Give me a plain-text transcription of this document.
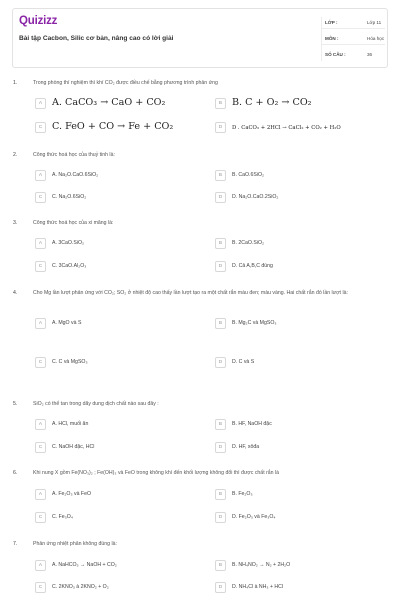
Quizizz
Bài tập Cacbon, Silic cơ bản, nâng cao có lời giải
LỚP :	Lớp 11
MÔN :	Hóa học
SỐ CÂU :	36
1.	Trong phòng thí nghiệm thì khí CO₂ được điều chế bằng phương trình phản ứng
A	A. CaCO₃ → CaO + CO₂	B	B. C + O₂ → CO₂
C	C. FeO + CO → Fe + CO₂	D	D . CaCO₃ + 2HCl → CaCl₂ + CO₂ + H₂O
2.	Công thức hoá học của thuỷ tinh là:
A	A. Na₂O.CaO.6SiO₂	B	B. CaO.6SiO₂
C	C. Na₂O.6SiO₂	D	D. Na₂O.CaO.2SiO₂
3.	Công thức hoá học của xi măng là:
A	A. 3CaO.SiO₂	B	B. 2CaO.SiO₂
C	C. 3CaO.Al₂O₃	D	D. Cả A,B,C đúng
4.	Cho Mg lần lượt phản ứng với CO₂; SO₂ ở nhiệt độ cao thấy lần lượt tạo ra một chất rắn màu đen; màu vàng. Hai chất rắn đó lần lượt là:
A	A. MgO và S	B	B. Mg₂C và MgSO₃
C	C. C và MgSO₃	D	D. C và S
5.	SiO₂ có thể tan trong dãy dung dịch chất nào sau đây :
A	A. HCl, muối ăn	B	B. HF, NaOH đặc
C	C. NaOH đặc, HCl	D	D. HF, xôđa
6.	Khi nung X gồm Fe(NO₃)₂ ; Fe(OH)₃ và FeO trong không khí đến khối lượng không đổi thì được chất rắn là
A	A. Fe₂O₃ và FeO	B	B. Fe₂O₃
C	C. Fe₃O₄	D	D. Fe₂O₃ và Fe₃O₄
7.	Phản ứng nhiệt phân không đúng là:
A	A. NaHCO₃ → NaOH + CO₂	B	B. NH₄NO₂ → N₂ + 2H₂O
C	C. 2KNO₃ à 2KNO₂ + O₂	D	D. NH₄Cl à NH₃ + HCl
